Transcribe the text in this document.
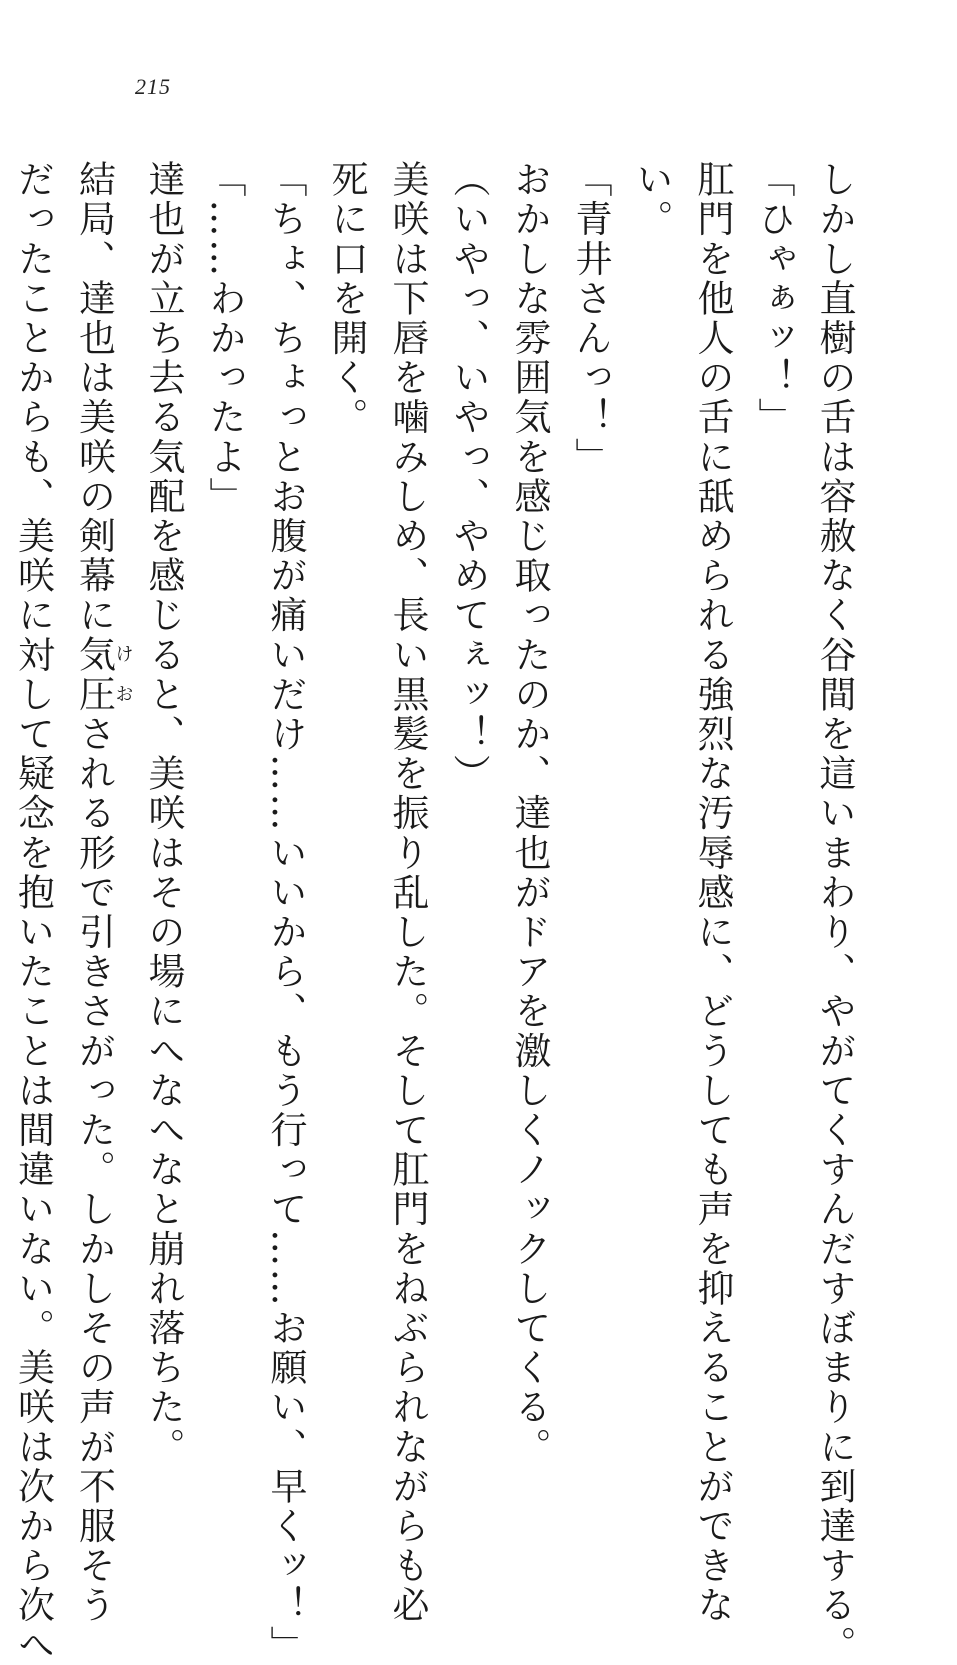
215
しかし直樹の舌は容赦なく谷間を這いまわり、やがてくすんだすぼまりに到達する。
「ひゃぁッ！」
肛門を他人の舌に舐められる強烈な汚辱感に、どうしても声を抑えることができな
い。
「青井さんっ！」
おかしな雰囲気を感じ取ったのか、達也がドアを激しくノックしてくる。
（いやっ、いやっ、やめてぇッ！）
美咲は下唇を噛みしめ、長い黒髪を振り乱した。そして肛門をねぶられながらも必
死に口を開く。
「ちょ、ちょっとお腹が痛いだけ……いいから、もう行って……お願い、早くッ！」
「……わかったよ」
達也が立ち去る気配を感じると、美咲はその場にへなへなと崩れ落ちた。
結局、達也は美咲の剣幕に気け圧おされる形で引きさがった。しかしその声が不服そう
だったことからも、美咲に対して疑念を抱いたことは間違いない。美咲は次から次へ
